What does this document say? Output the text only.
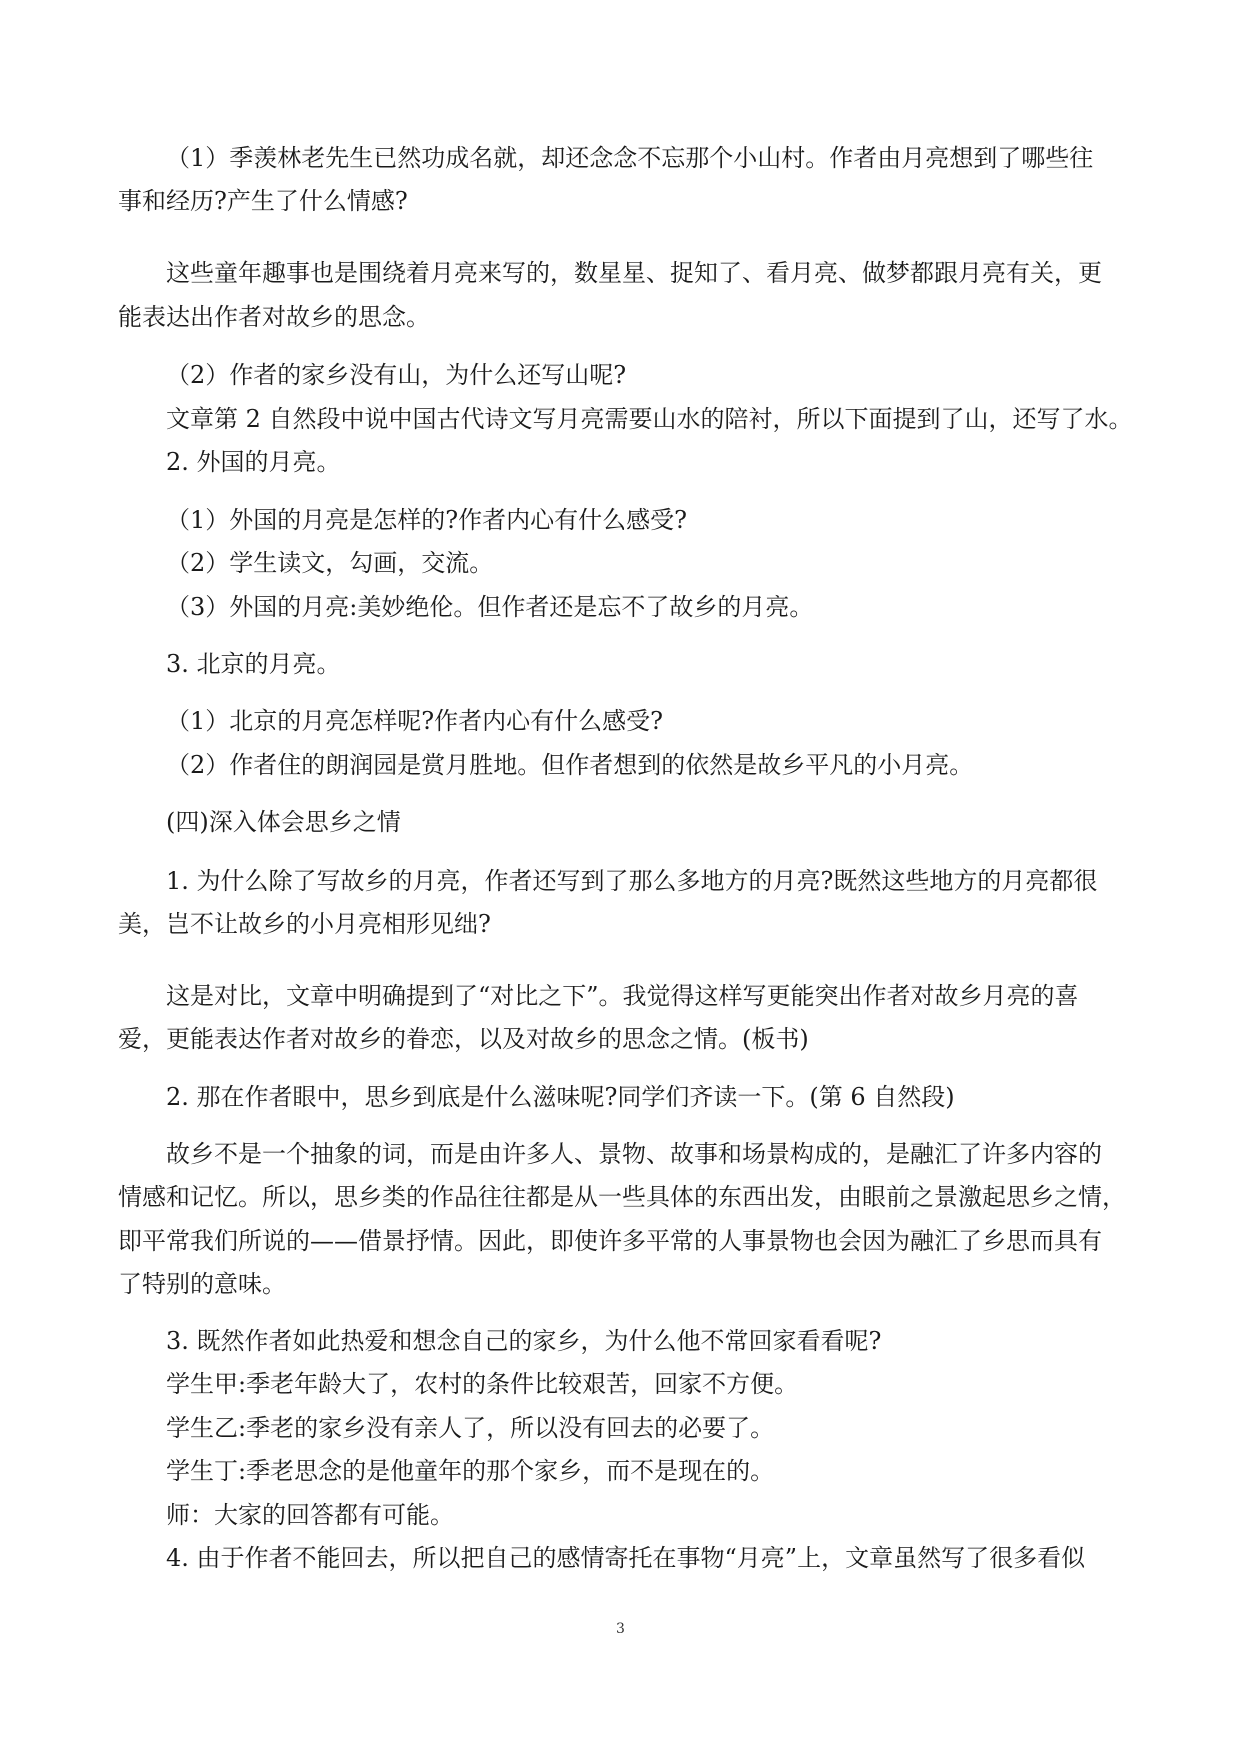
（1）季羡林老先生已然功成名就，却还念念不忘那个小山村。作者由月亮想到了哪些往

事和经历?产生了什么情感?

这些童年趣事也是围绕着月亮来写的，数星星、捉知了、看月亮、做梦都跟月亮有关，更

能表达出作者对故乡的思念。

（2）作者的家乡没有山，为什么还写山呢?

文章第 2 自然段中说中国古代诗文写月亮需要山水的陪衬，所以下面提到了山，还写了水。

2. 外国的月亮。

（1）外国的月亮是怎样的?作者内心有什么感受?

（2）学生读文，勾画，交流。

（3）外国的月亮:美妙绝伦。但作者还是忘不了故乡的月亮。

3. 北京的月亮。

（1）北京的月亮怎样呢?作者内心有什么感受?

（2）作者住的朗润园是赏月胜地。但作者想到的依然是故乡平凡的小月亮。

(四)深入体会思乡之情

1. 为什么除了写故乡的月亮，作者还写到了那么多地方的月亮?既然这些地方的月亮都很

美，岂不让故乡的小月亮相形见绌?

这是对比，文章中明确提到了“对比之下”。我觉得这样写更能突出作者对故乡月亮的喜

爱，更能表达作者对故乡的眷恋，以及对故乡的思念之情。(板书)

2. 那在作者眼中，思乡到底是什么滋味呢?同学们齐读一下。(第 6 自然段)

故乡不是一个抽象的词，而是由许多人、景物、故事和场景构成的，是融汇了许多内容的

情感和记忆。所以，思乡类的作品往往都是从一些具体的东西出发，由眼前之景激起思乡之情，

即平常我们所说的——借景抒情。因此，即使许多平常的人事景物也会因为融汇了乡思而具有

了特别的意味。

3. 既然作者如此热爱和想念自己的家乡，为什么他不常回家看看呢?

学生甲:季老年龄大了，农村的条件比较艰苦，回家不方便。

学生乙:季老的家乡没有亲人了，所以没有回去的必要了。

学生丁:季老思念的是他童年的那个家乡，而不是现在的。

师：大家的回答都有可能。

4. 由于作者不能回去，所以把自己的感情寄托在事物“月亮”上，文章虽然写了很多看似

3
